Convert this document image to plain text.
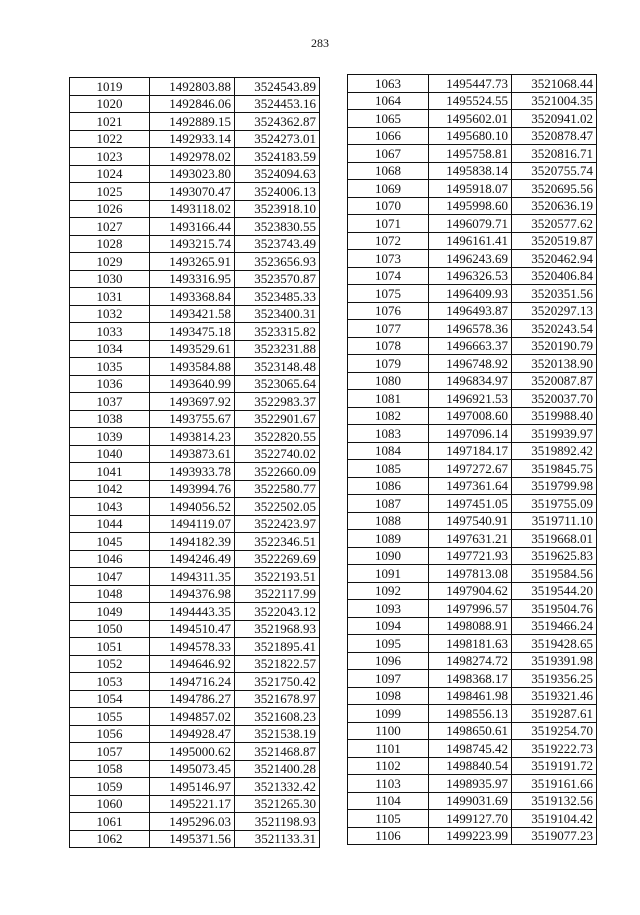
283
1019	1492803.88	3524543.89
1020	1492846.06	3524453.16
1021	1492889.15	3524362.87
1022	1492933.14	3524273.01
1023	1492978.02	3524183.59
1024	1493023.80	3524094.63
1025	1493070.47	3524006.13
1026	1493118.02	3523918.10
1027	1493166.44	3523830.55
1028	1493215.74	3523743.49
1029	1493265.91	3523656.93
1030	1493316.95	3523570.87
1031	1493368.84	3523485.33
1032	1493421.58	3523400.31
1033	1493475.18	3523315.82
1034	1493529.61	3523231.88
1035	1493584.88	3523148.48
1036	1493640.99	3523065.64
1037	1493697.92	3522983.37
1038	1493755.67	3522901.67
1039	1493814.23	3522820.55
1040	1493873.61	3522740.02
1041	1493933.78	3522660.09
1042	1493994.76	3522580.77
1043	1494056.52	3522502.05
1044	1494119.07	3522423.97
1045	1494182.39	3522346.51
1046	1494246.49	3522269.69
1047	1494311.35	3522193.51
1048	1494376.98	3522117.99
1049	1494443.35	3522043.12
1050	1494510.47	3521968.93
1051	1494578.33	3521895.41
1052	1494646.92	3521822.57
1053	1494716.24	3521750.42
1054	1494786.27	3521678.97
1055	1494857.02	3521608.23
1056	1494928.47	3521538.19
1057	1495000.62	3521468.87
1058	1495073.45	3521400.28
1059	1495146.97	3521332.42
1060	1495221.17	3521265.30
1061	1495296.03	3521198.93
1062	1495371.56	3521133.31
1063	1495447.73	3521068.44
1064	1495524.55	3521004.35
1065	1495602.01	3520941.02
1066	1495680.10	3520878.47
1067	1495758.81	3520816.71
1068	1495838.14	3520755.74
1069	1495918.07	3520695.56
1070	1495998.60	3520636.19
1071	1496079.71	3520577.62
1072	1496161.41	3520519.87
1073	1496243.69	3520462.94
1074	1496326.53	3520406.84
1075	1496409.93	3520351.56
1076	1496493.87	3520297.13
1077	1496578.36	3520243.54
1078	1496663.37	3520190.79
1079	1496748.92	3520138.90
1080	1496834.97	3520087.87
1081	1496921.53	3520037.70
1082	1497008.60	3519988.40
1083	1497096.14	3519939.97
1084	1497184.17	3519892.42
1085	1497272.67	3519845.75
1086	1497361.64	3519799.98
1087	1497451.05	3519755.09
1088	1497540.91	3519711.10
1089	1497631.21	3519668.01
1090	1497721.93	3519625.83
1091	1497813.08	3519584.56
1092	1497904.62	3519544.20
1093	1497996.57	3519504.76
1094	1498088.91	3519466.24
1095	1498181.63	3519428.65
1096	1498274.72	3519391.98
1097	1498368.17	3519356.25
1098	1498461.98	3519321.46
1099	1498556.13	3519287.61
1100	1498650.61	3519254.70
1101	1498745.42	3519222.73
1102	1498840.54	3519191.72
1103	1498935.97	3519161.66
1104	1499031.69	3519132.56
1105	1499127.70	3519104.42
1106	1499223.99	3519077.23
